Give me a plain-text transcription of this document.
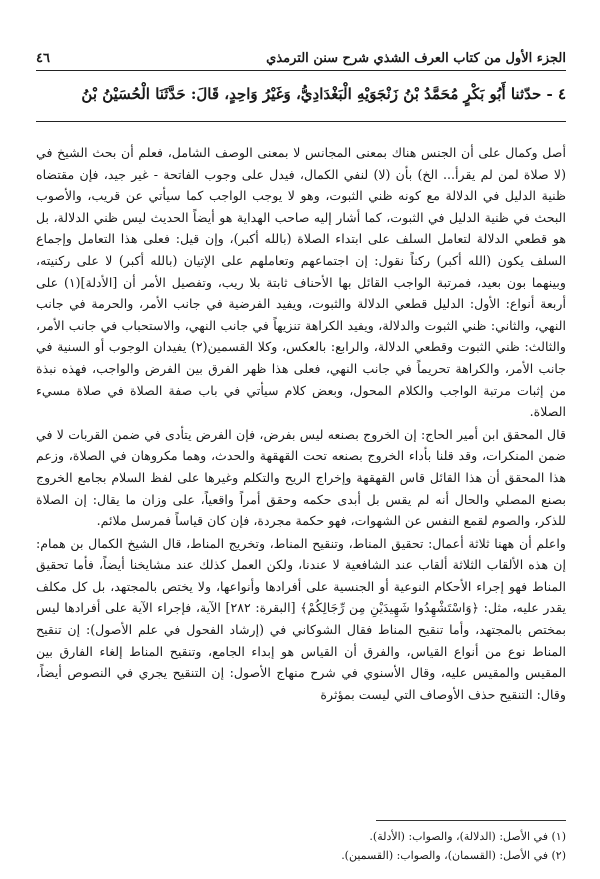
الجزء الأول من كتاب العرف الشذي شرح سنن الترمذي
٤٦
٤ - حدّثنا أَبُو بَكْرٍ مُحَمَّدُ بْنُ زَنْجَوَيْهِ الْبَغْدَادِيُّ، وَغَيْرُ وَاحِدٍ، قَالَ: حَدَّثَنَا الْحُسَيْنُ بْنُ

أصل وكمال على أن الجنس هناك بمعنى المجانس لا بمعنى الوصف الشامل، فعلم أن بحث الشيخ في (لا صلاة لمن لم يقرأ... الخ) بأن (لا) لنفي الكمال، فيدل على وجوب الفاتحة - غير جيد، فإن مقتضاه ظنية الدليل في الدلالة مع كونه ظني الثبوت، وهو لا يوجب الواجب كما سيأتي عن قريب، والأصوب البحث في ظنية الدليل في الثبوت، كما أشار إليه صاحب الهداية هو أيضاً الحديث ليس ظني الدلالة، بل هو قطعي الدلالة لتعامل السلف على ابتداء الصلاة (بالله أكبر)، وإن قيل: فعلى هذا التعامل وإجماع السلف يكون (الله أكبر) ركناً نقول: إن اجتماعهم وتعاملهم على الإتيان (بالله أكبر) لا على ركنيته، وبينهما بون بعيد، فمرتبة الواجب القائل بها الأحناف ثابتة بلا ريب، وتفصيل الأمر أن [الأدلة](١) على أربعة أنواع: الأول: الدليل قطعي الدلالة والثبوت، ويفيد الفرضية في جانب الأمر، والحرمة في جانب النهي، والثاني: ظني الثبوت والدلالة، ويفيد الكراهة تنزيهاً في جانب النهي، والاستحباب في جانب الأمر، والثالث: ظني الثبوت وقطعي الدلالة، والرابع: بالعكس، وكلا القسمين(٢) يفيدان الوجوب أو السنية في جانب الأمر، والكراهة تحريماً في جانب النهي، فعلى هذا ظهر الفرق بين الفرض والواجب، فهذه نبذة من إثبات مرتبة الواجب والكلام المحول، وبعض كلام سيأتي في باب صفة الصلاة في صلاة مسيء الصلاة.

قال المحقق ابن أمير الحاج: إن الخروج بصنعه ليس بفرض، فإن الفرض يتأدى في ضمن القربات لا في ضمن المنكرات، وقد قلنا بأداء الخروج بصنعه تحت القهقهة والحدث، وهما مكروهان في الصلاة، وزعم هذا المحقق أن هذا القائل قاس القهقهة وإخراج الريح والتكلم وغيرها على لفظ السلام بجامع الخروج بصنع المصلي والحال أنه لم يقس بل أبدى حكمه وحقق أمراً واقعياً، على وزان ما يقال: إن الصلاة للذكر، والصوم لقمع النفس عن الشهوات، فهو حكمة مجردة، فإن كان قياساً فمرسل ملائم.

واعلم أن ههنا ثلاثة أعمال: تحقيق المناط، وتنقيح المناط، وتخريج المناط، قال الشيخ الكمال بن همام: إن هذه الألقاب الثلاثة ألقاب عند الشافعية لا عندنا، ولكن العمل كذلك عند مشايخنا أيضاً، فأما تحقيق المناط فهو إجراء الأحكام النوعية أو الجنسية على أفرادها وأنواعها، ولا يختص بالمجتهد، بل كل مكلف يقدر عليه، مثل: ﴿وَاسْتَشْهِدُوا شَهِيدَيْنِ مِن رِّجَالِكُمْ﴾ [البقرة: ٢٨٢] الآية، فإجراء الآية على أفرادها ليس بمختص بالمجتهد، وأما تنقيح المناط فقال الشوكاني في (إرشاد الفحول في علم الأصول): إن تنقيح المناط نوع من أنواع القياس، والفرق أن القياس هو إبداء الجامع، وتنقيح المناط إلغاء الفارق بين المقيس والمقيس عليه، وقال الأسنوي في شرح منهاج الأصول: إن التنقيح يجري في النصوص أيضاً، وقال: التنقيح حذف الأوصاف التي ليست بمؤثرة

(١) في الأصل: (الدلالة)، والصواب: (الأدلة).
(٢) في الأصل: (القسمان)، والصواب: (القسمين).
